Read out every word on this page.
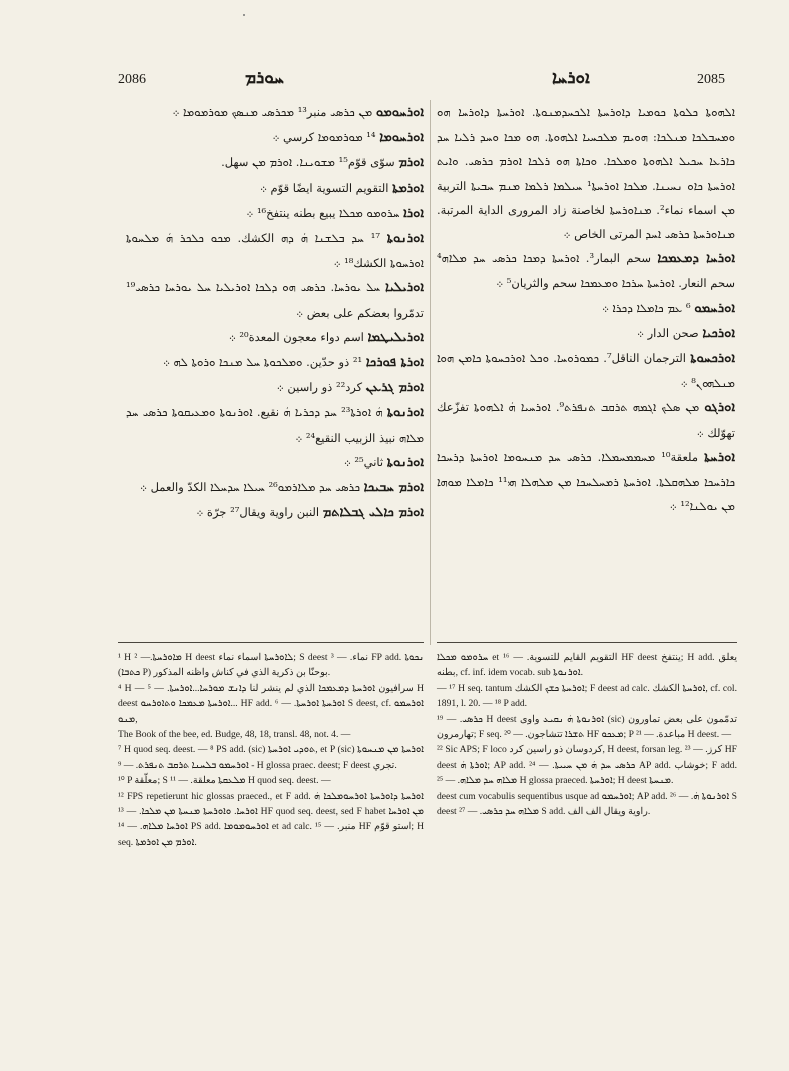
2086	ܚܘܪܡ	ܐܘܪܚܐ	2085

ܐܘܪܚܘܡܘ ܡܢ ܟܪܣܝ منبر¹³ ܡܟܪܣܝ ܡܢܣܟ ܡܘܪܡܘܡܐ ܀

ܐܘܪܚܘܡܐ ¹⁴ ܡܘܪܡܘܡܐ كرسي ܀

ܐܘܪܡ سوّى قوّم¹⁵ ܡܫܘܝܢܐ. ܐܘܪܡ ܡܢ سهل.

ܐܘܪܡܬܐ التقويم التسوية ايضًا قوّم ܀

ܐܘܪܐ ܚܪܘܡܘ ܡܟܠܐ يبيع بطنه ينتفخ¹⁶ ܀

ܐܘܪܢܘܬܐ ¹⁷ ܚܕ ܒܠܫܢܐ ܗܿ ܕܗ الكشك. ܡܟܘ ܟܠܟܪ ܗܿ ܡܠܚܘܬܐ ܐܘܪܚܘܬܐ الكشك¹⁸ ܀

ܐܘܪܝܠܝܐ ܚܠ ܝܘܪܚܐ. ܟܪܣܝ ܗܘ ܕܠܟܐ ܐܘܪܝܠܝܐ ܚܠ ܝܘܪܚܐ ܟܪܣܝ¹⁹ تدمّروا بعضكم على بعض ܀

ܐܘܪܝܠܝܛܡܐ اسم دواء معجون المعدة²⁰ ܀

ܐܘܪܬܐ ܦܘܪܟܐ ²¹ ذو حدّين. ܘܡܠܟܘܬܐ ܚܠ ܡܢܟܐ ܘܪܘܬܐ ܠܗ ܀

ܐܘܪܡ ܓܪܥܢ كرد²² ذو راسين ܀

ܐܘܪܢܘܬܐ ܗܿ ܐܘܪܬܐ²³ ܚܕ ܕܟܪܝܐ ܗܿ نقيع. ܐܘܪܢܘܬܐ ܘܡܥܝܩܘܬܐ ܟܪܣܝ ܚܕ ܡܠܐܗ نبيذ الزبيب النقيع²⁴ ܀

ܐܘܪܢܘܬܐ ثاني²⁵ ܀

ܐܘܪܡ ܚܒܝܟܐ ܟܪܣܝ ܚܕ ܡܠܐܪܡܘ²⁶ ܚܝܠܐ ܚܕܚܠܐ الكدّ والعمل ܀

ܐܘܪܡ ܟܐܠܝ ܓܒܠܐܬܡ النبن راوية ويقال²⁷ جرّة ܀

ܐܠܗܘܬܐ ܟܠܘܬܐ ܟܘܡܝܐ ܕܐܘܪܚܬܐ ܐܠܟܚܕܡܢܘܬܐ. ܐܘܪܚܬܐ ܕܐܘܪܚܐ ܗܘ ܘܡܚܒܠܟܐ ܡܢܠܟܐ: ܗܘܝܡ ܡܠܟܚܝܐ ܐܠܗܘܬܐ. ܗܘ ܡܟܐ ܘܚܕ ܪܠܝܐ ܚܕ ܟܐܪܥܐ ܚܟܝܠ ܐܠܗܘܬܐ ܘܡܠܟܐ. ܘܟܐܬܐ ܗܘ ܪܠܟܐ ܐܘܪܡ ܟܪܣܝ. ܘܐܝܬ ܐܘܪܚܬܐ ܟܐܘ ܢܚܝܢܐ. ܡܠܟܐ ܐܘܪܚܬܐ¹ ܚܝܠܡܐ ܪܠܡܐ ܡܢܡ ܚܒܝܬܐ التربية ܡܢ اسماء نماء². ܡܢܐܘܪܚܬܐ لخاصنة زاد المرورى الداية المرتبة. ܡܢܐܘܪܚܬܐ ܟܪܣܝ ܐܚܕ المرتى الخاص ܀

ܐܘܪܚܐ ܕܡܥܡܟܐ سحم البمار³. ܐܘܪܚܬܐ ܕܡܟܐ ܟܪܣܝ ܚܕ ܡܠܐܗ⁴ سحم النعار. ܐܘܪܚܬܐ ܚܪܟܐ ܘܡܥܡܟܐ سحم والثريان⁵ ܀

ܐܘܪܚܡܘ ⁶ ܥܡ ܟܐܡܠܐ ܕܟܪܐ ܀

ܐܘܪܟܝܐ صحن الدار ܀

ܐܘܪܟܚܘܬܐ الترجمان الناقل⁷. ܟܡܘܪܘܚܐ. ܘܟܠ ܐܘܪܟܚܘܬܐ ܟܐܡܢ ܗܘܐ ܡܢܠܗܘܢ⁸ ܀

ܐܘܪܓܘ ܡܢ ܣܠܟ ܐܓܡܗ ܬܪܩܒ ܬܢܦܪܬ⁹. ܐܘܪܚܝܐ ܗܿ ܐܠܗܘܬܐ تفزّعك تهوّلك ܀

ܐܘܪܚܬܐ ملعقة¹⁰ ܡܚܡܡܚܡܠܐ. ܟܪܣܝ ܚܕ ܡܢܚܘܡܐ ܐܘܪܚܬܐ ܕܪܚܟܐ ܟܐܪܚܟܐ ܡܠܗܩܠܬܐ. ܐܘܪܚܬܐ ܪܡܚܠܚܟܐ ܡܢ ܡܠܗܠܐ ܗܝ¹¹ ܟܐܡܠܐ ܡܘܗܐ ܡܢ ܝܘܠܢܐ¹² ܀

¹ H ܡܐܘܪܚܬܐ.— ² H deest ܠܐܘܪܚܬܐ اسماء نماء; S deest نماء. — ³ FP add. ܢܟܘܬܐ (ܟܬܒܐ P) بوحنّا بن ذكرية الذي في كناش واظنه المذكور.

⁴ H — سرافيون ܐܘܪܚܬܐ ܕܡܥܡܟܐ الذي لم ينشر لنا ܕܐܢܫ ܡܘܪܚܐ...ܐܘܪܚܬܐ. — ⁵ H deest ܐܘܪܚܬܐ ܡܥܡܟܐ ܘܬܐܘܪܚܘ... HF add. ܐܘܪܚܬܐ ܐܘܪܚܬܐ. — ⁶ S deest, cf. ܐܘܪܚܡܘ ܡܢܘ,

The Book of the bee, ed. Budge, 48, 18, transl. 48, not. 4. —

⁷ H quod seq. deest. — ⁸ PS add. (sic) ܬܘܕܝ ܐܘܪܚܬܐ, et P (sic) ܐܘܪܚܬܐ ܡܢ ܡܢܚܘܬܐ - ܐܘܪܚܡܘ ܒܠܚܢܐ ܬܪܩܒ ܬܢܦܪܬ. — ⁹ H glossa praec. deest; F deest تجري.

¹⁰ P معلّقة; S ܡܠܥܩܬܐ معلقة. — ¹¹ H quod seq. deest. —

¹² FPS repetierunt hic glossas praeced., et F add. ܐܘܪܚܬܐ ܕܐܘܪܚܬܐ ܐܘܪܚܘܡܠܟܐ ܗܿ ܐܘܪܚܐ. ܘܐܘܪܚܬܐ ܡܢܚܬܐ ܡܢ ܡܠܟܐ. — ¹³ HF quod seq. deest, sed F habet ܡܢ ܐܘܪܚܐ ܐܘܪܚܐ ܡܠܐܗ. — ¹⁴ PS add. ܐܘܪܚܘܡܘܡܐ et ad calc. منبر. — ¹⁵ HF استو قوّم; H seq. ܐܘܪܡ ܡܢ ܐܘܪܡܬܐ.

ܚܪܘܡܘ ܡܟܠܐ et التقويم القايم للتسوية. — ¹⁶ HF deest ينتفخ; H add. يعلق بطنه, cf. inf. idem vocab. sub ܐܘܪܢܘܬܐ.

— ¹⁷ H seq. tantum ܐܘܪܚܬܐ ܟܫܟ الكشك; F deest ad calc. ܐܘܪܚܬܐ الكشك, cf. col. 1891, l. 20. — ¹⁸ P add.

ܟܪܣܝ. — ¹⁹ H deest ܐܘܪܢܘܬܐ ܗܿ ܢܩܝܥ واوى (sic) تدمّمون على بعض تماورون تهارمرون; F seq. ܬܫܪܐ تتشاجون. — ²⁰ HF ܡܥܟܘ; P مباعدة. — ²¹ H deest. —

²² Sic APS; F loco كردوسان ذو راسين كرد, H deest, forsan leg. كرز. — ²³ HF deest ܐܘܪܬܐ ܗܿ; AP add. ܟܪܣܝ ܚܕ ܗܿ ܡܢ ܚܝܝܬܐ. — ²⁴ AP add. خوشاب; F add. ܡܠܐܗ ܚܕ ܡܠܐܗ. — ²⁵ H glossa praeced. ܐܘܪܚܬܐ; H deest ܡܢܚܬܐ.

deest cum vocabulis sequentibus usque ad ܐܘܪܚܡܘ; AP add. ܐܘܪܢܘܬܐ ܗܿ. — ²⁶ S deest ܡܠܐܗ ܚܕ ܟܪܣܝ. — ²⁷ S add. راوية ويقال الف الف.
